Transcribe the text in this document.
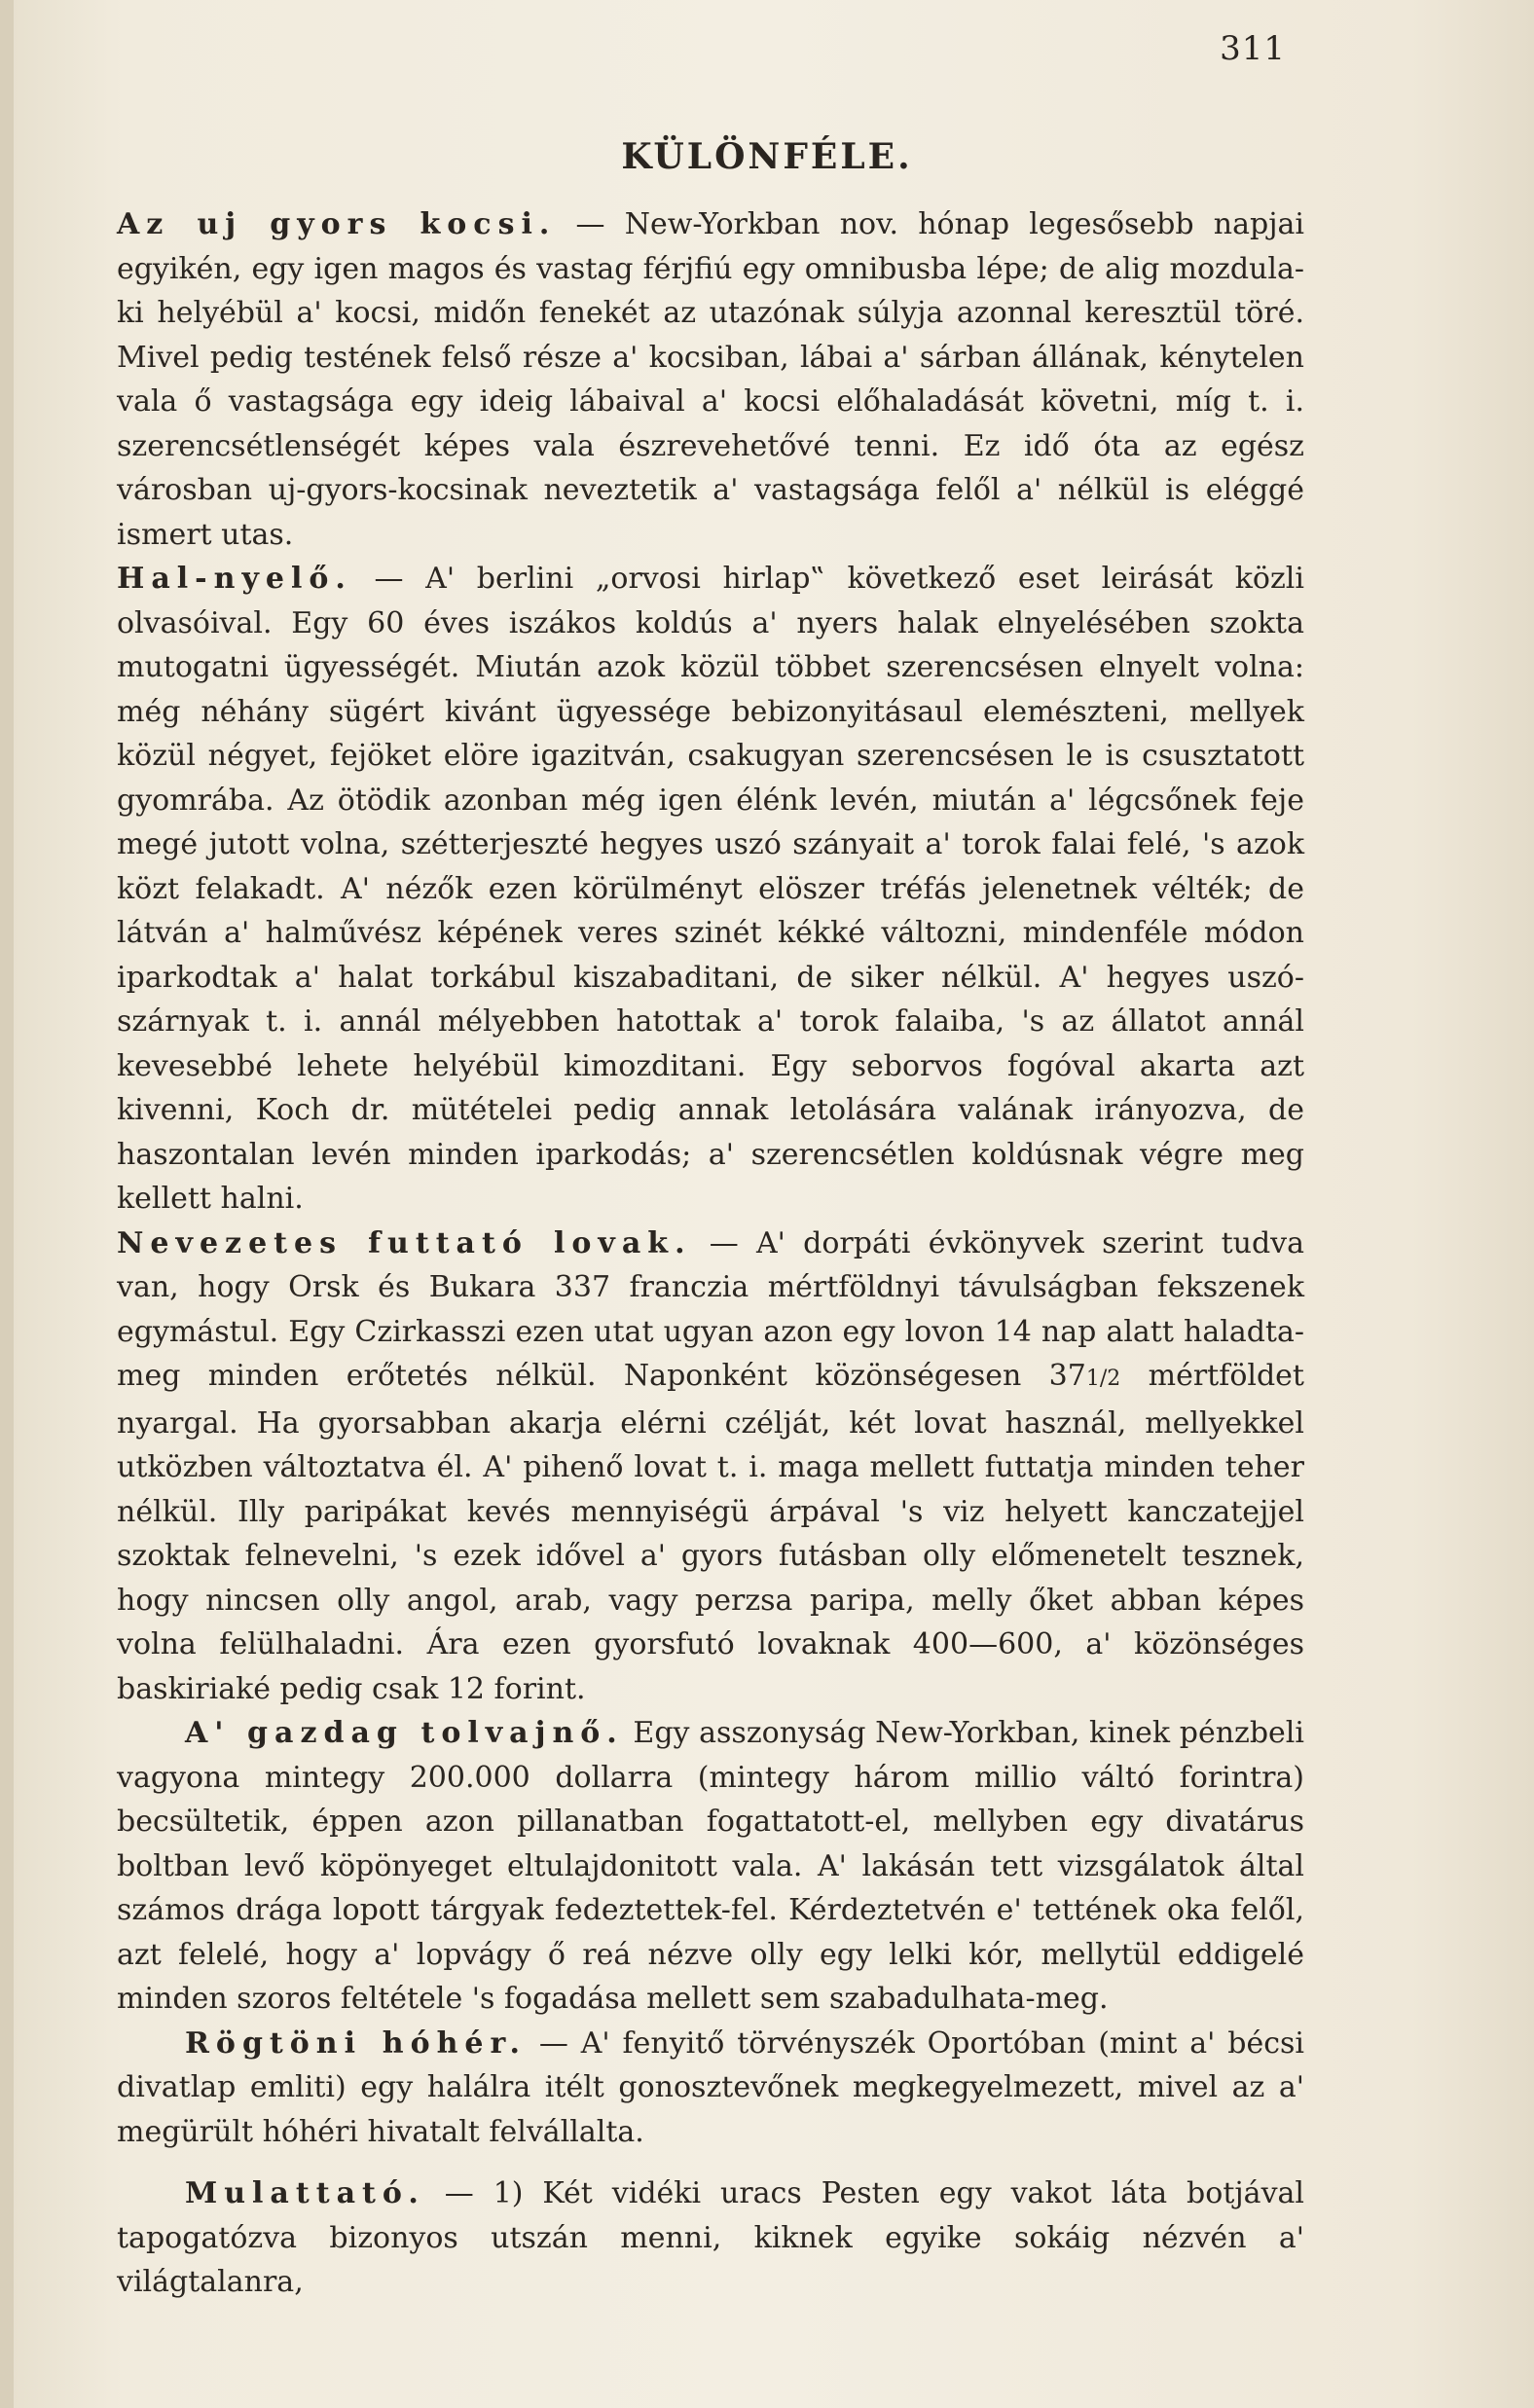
311
KÜLÖNFÉLE.

Az uj gyors kocsi. — New-Yorkban nov. hónap legesősebb napjai egyikén, egy igen magos és vastag férjfiú egy omnibusba lépe; de alig mozdula-ki helyébül a' kocsi, midőn fenekét az utazónak súlyja azonnal keresztül töré. Mivel pedig testének felső része a' kocsiban, lábai a' sárban állának, kénytelen vala ő vastagsága egy ideig lábaival a' kocsi előhaladását követni, míg t. i. szerencsétlenségét képes vala észrevehetővé tenni. Ez idő óta az egész városban uj-gyors-kocsinak neveztetik a' vastagsága felől a' nélkül is eléggé ismert utas.

Hal-nyelő. — A' berlini „orvosi hirlap‟ következő eset leirását közli olvasóival. Egy 60 éves iszákos koldús a' nyers halak elnyelésében szokta mutogatni ügyességét. Miután azok közül többet szerencsésen elnyelt volna: még néhány sügért kivánt ügyessége bebizonyitásaul elemészteni, mellyek közül négyet, fejöket elöre igazitván, csakugyan szerencsésen le is csusztatott gyomrába. Az ötödik azonban még igen élénk levén, miután a' légcsőnek feje megé jutott volna, szétterjeszté hegyes uszó szányait a' torok falai felé, 's azok közt felakadt. A' nézők ezen körülményt elöszer tréfás jelenetnek vélték; de látván a' halművész képének veres szinét kékké változni, mindenféle módon iparkodtak a' halat torkábul kiszabaditani, de siker nélkül. A' hegyes uszó-szárnyak t. i. annál mélyebben hatottak a' torok falaiba, 's az állatot annál kevesebbé lehete helyébül kimozditani. Egy seborvos fogóval akarta azt kivenni, Koch dr. mütételei pedig annak letolására valának irányozva, de haszontalan levén minden iparkodás; a' szerencsétlen koldúsnak végre meg kellett halni.

Nevezetes futtató lovak. — A' dorpáti évkönyvek szerint tudva van, hogy Orsk és Bukara 337 franczia mértföldnyi távulságban fekszenek egymástul. Egy Czirkasszi ezen utat ugyan azon egy lovon 14 nap alatt haladta-meg minden erőtetés nélkül. Naponként közönségesen 371/2 mértföldet nyargal. Ha gyorsabban akarja elérni czélját, két lovat használ, mellyekkel utközben változtatva él. A' pihenő lovat t. i. maga mellett futtatja minden teher nélkül. Illy paripákat kevés mennyiségü árpával 's viz helyett kanczatejjel szoktak felnevelni, 's ezek idővel a' gyors futásban olly előmenetelt tesznek, hogy nincsen olly angol, arab, vagy perzsa paripa, melly őket abban képes volna felülhaladni. Ára ezen gyorsfutó lovaknak 400—600, a' közönséges baskiriaké pedig csak 12 forint.

A' gazdag tolvajnő. Egy asszonyság New-Yorkban, kinek pénzbeli vagyona mintegy 200.000 dollarra (mintegy három millio váltó forintra) becsültetik, éppen azon pillanatban fogattatott-el, mellyben egy divatárus boltban levő köpönyeget eltulajdonitott vala. A' lakásán tett vizsgálatok által számos drága lopott tárgyak fedeztettek-fel. Kérdeztetvén e' tettének oka felől, azt felelé, hogy a' lopvágy ő reá nézve olly egy lelki kór, mellytül eddigelé minden szoros feltétele 's fogadása mellett sem szabadulhata-meg.

Rögtöni hóhér. — A' fenyitő törvényszék Oportóban (mint a' bécsi divatlap emliti) egy halálra itélt gonosztevőnek megkegyelmezett, mivel az a' megürült hóhéri hivatalt felvállalta.

Mulattató. — 1) Két vidéki uracs Pesten egy vakot láta botjával tapogatózva bizonyos utszán menni, kiknek egyike sokáig nézvén a' világtalanra,
